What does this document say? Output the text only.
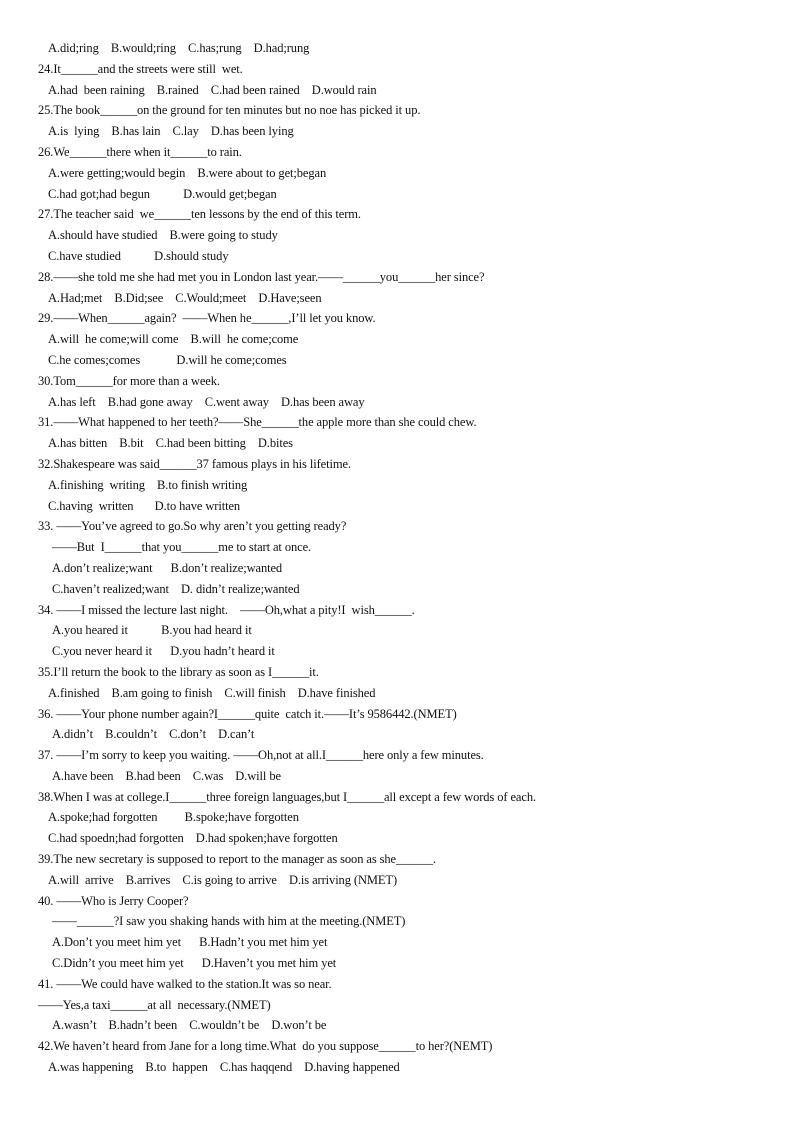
A.did;ring    B.would;ring    C.has;rung    D.had;rung
24.It______and the streets were still  wet.
A.had  been raining    B.rained    C.had been rained    D.would rain
25.The book______on the ground for ten minutes but no noe has picked it up.
A.is  lying    B.has lain    C.lay    D.has been lying
26.We______there when it______to rain.
A.were getting;would begin    B.were about to get;began
C.had got;had begun           D.would get;began
27.The teacher said  we______ten lessons by the end of this term.
A.should have studied    B.were going to study
C.have studied           D.should study
28.——she told me she had met you in London last year.——______you______her since?
A.Had;met    B.Did;see    C.Would;meet    D.Have;seen
29.——When______again?  ——When he______,I’ll let you know.
A.will  he come;will come    B.will  he come;come
C.he comes;comes            D.will he come;comes
30.Tom______for more than a week.
A.has left    B.had gone away    C.went away    D.has been away
31.——What happened to her teeth?——She______the apple more than she could chew.
A.has bitten    B.bit    C.had been bitting    D.bites
32.Shakespeare was said______37 famous plays in his lifetime.
A.finishing  writing    B.to finish writing
C.having  written       D.to have written
33. ——You’ve agreed to go.So why aren’t you getting ready?
——But  I______that you______me to start at once.
A.don’t realize;want      B.don’t realize;wanted
C.haven’t realized;want    D. didn’t realize;wanted
34. ——I missed the lecture last night.    ——Oh,what a pity!I  wish______.
A.you heared it           B.you had heard it
C.you never heard it      D.you hadn’t heard it
35.I’ll return the book to the library as soon as I______it.
A.finished    B.am going to finish    C.will finish    D.have finished
36. ——Your phone number again?I______quite  catch it.——It’s 9586442.(NMET)
A.didn’t    B.couldn’t    C.don’t    D.can’t
37. ——I’m sorry to keep you waiting. ——Oh,not at all.I______here only a few minutes.
A.have been    B.had been    C.was    D.will be
38.When I was at college.I______three foreign languages,but I______all except a few words of each.
A.spoke;had forgotten         B.spoke;have forgotten
C.had spoedn;had forgotten    D.had spoken;have forgotten
39.The new secretary is supposed to report to the manager as soon as she______.
A.will  arrive    B.arrives    C.is going to arrive    D.is arriving (NMET)
40. ——Who is Jerry Cooper?
——______?I saw you shaking hands with him at the meeting.(NMET)
A.Don’t you meet him yet      B.Hadn’t you met him yet
C.Didn’t you meet him yet      D.Haven’t you met him yet
41. ——We could have walked to the station.It was so near.
——Yes,a taxi______at all  necessary.(NMET)
A.wasn’t    B.hadn’t been    C.wouldn’t be    D.won’t be
42.We haven’t heard from Jane for a long time.What  do you suppose______to her?(NEMT)
A.was happening    B.to  happen    C.has haqqend    D.having happened
